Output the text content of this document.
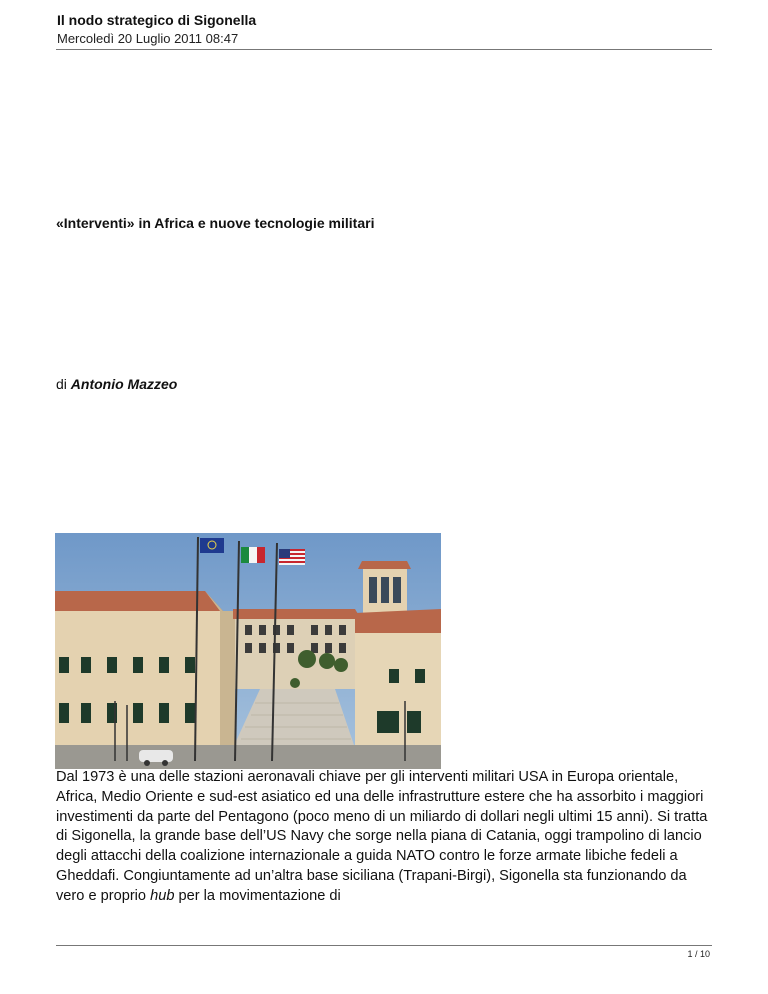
Il nodo strategico di Sigonella
Mercoledì 20 Luglio 2011 08:47
«Interventi» in Africa e nuove tecnologie militari
di Antonio Mazzeo
Dal 1973 è una delle stazioni aeronavali chiave per gli interventi militari USA in Europa orientale, Africa, Medio Oriente e sud-est asiatico ed una delle infrastrutture estere che ha assorbito i maggiori investimenti da parte del Pentagono (poco meno di un miliardo di dollari negli ultimi 15 anni). Si tratta di Sigonella, la grande base dell’US Navy che sorge nella piana di Catania, oggi trampolino di lancio degli attacchi della coalizione internazionale a guida NATO contro le forze armate libiche fedeli a Gheddafi. Congiuntamente ad un’altra base siciliana (Trapani-Birgi), Sigonella sta funzionando da vero e proprio hub per la movimentazione di
1 / 10
